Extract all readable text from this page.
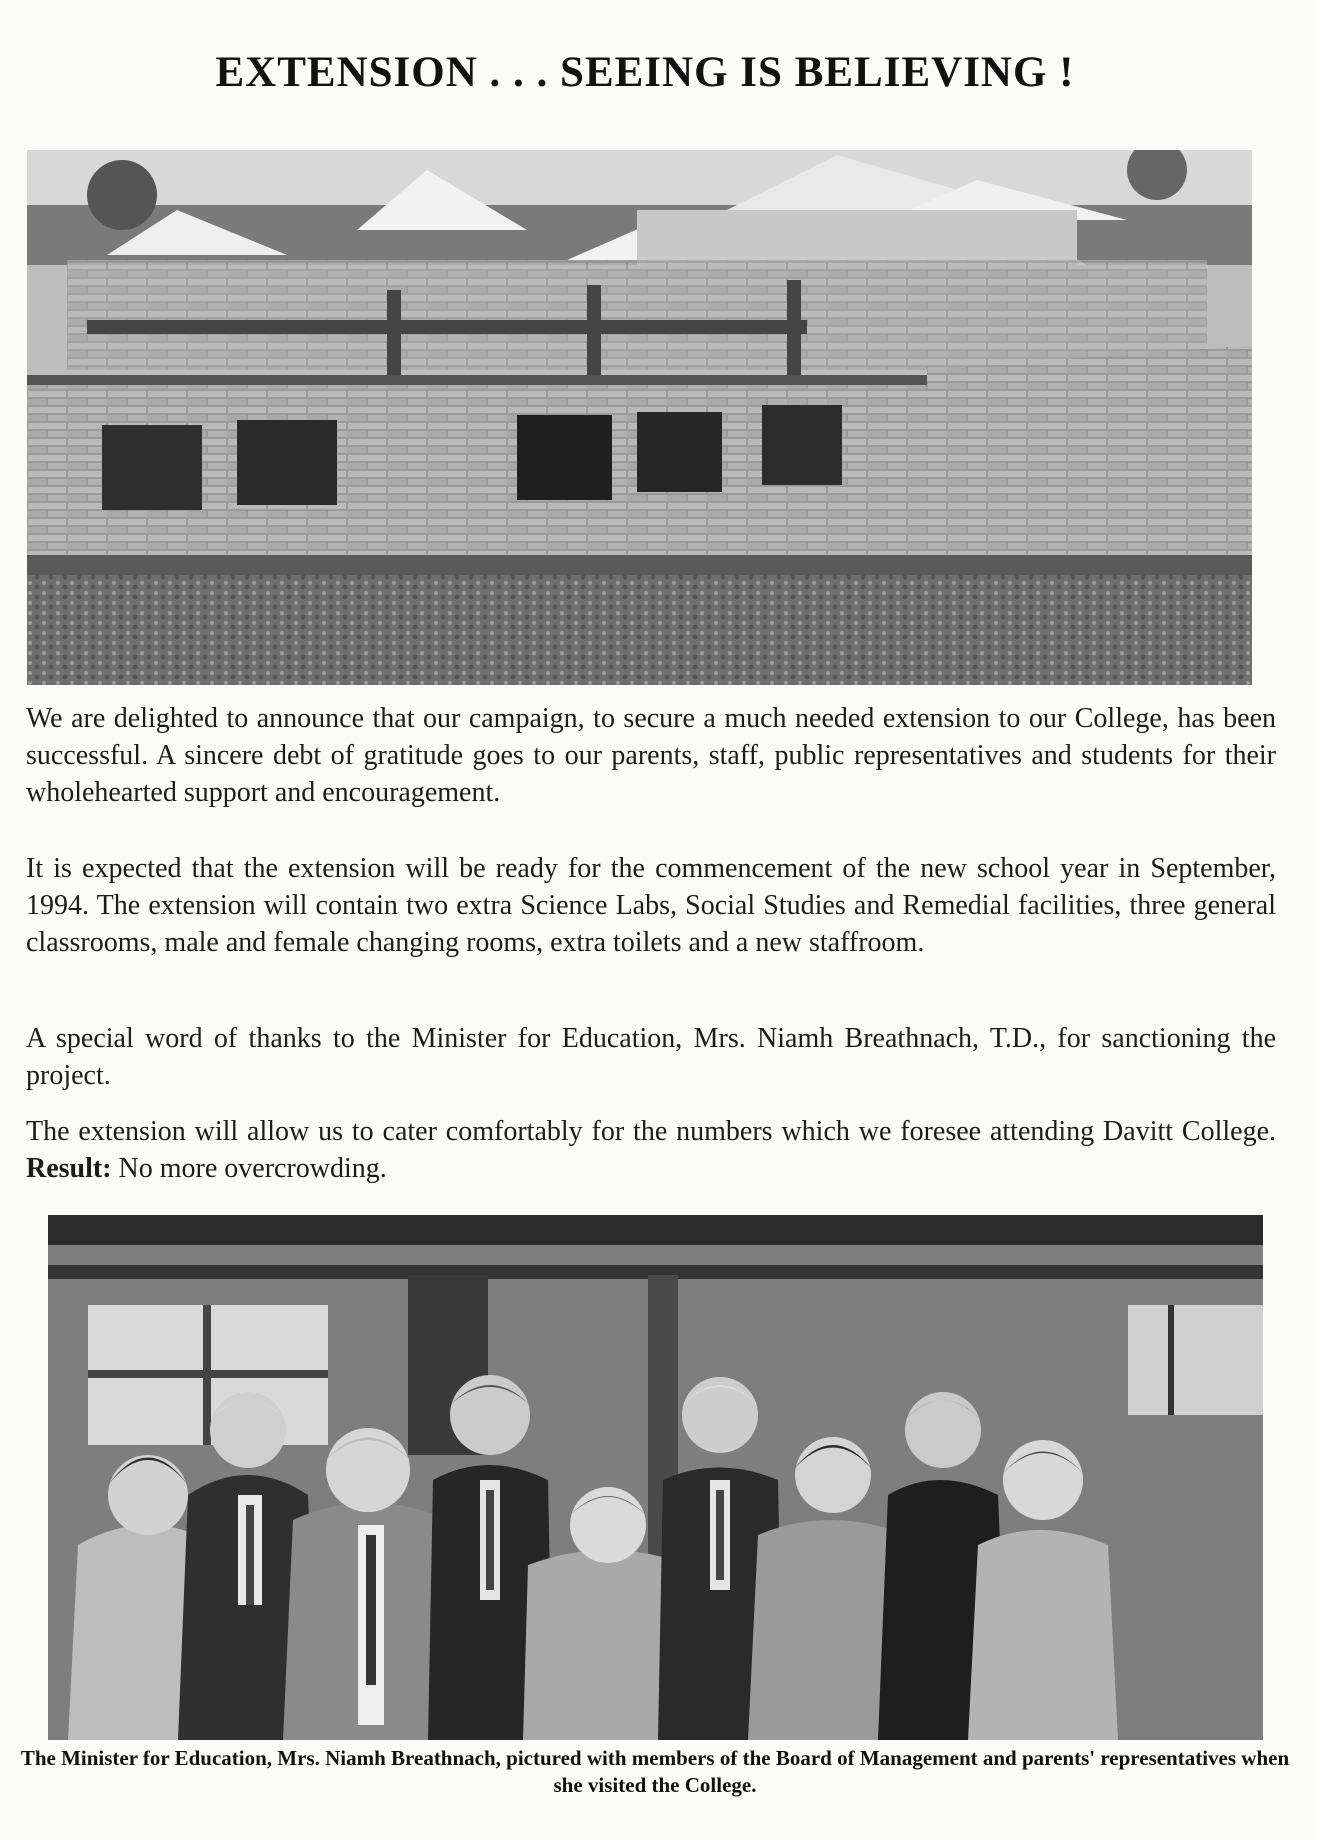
EXTENSION . . . SEEING IS BELIEVING !

We are delighted to announce that our campaign, to secure a much needed extension to our College, has been successful. A sincere debt of gratitude goes to our parents, staff, public representatives and students for their wholehearted support and encouragement.

It is expected that the extension will be ready for the commencement of the new school year in September, 1994. The extension will contain two extra Science Labs, Social Studies and Remedial facilities, three general classrooms, male and female changing rooms, extra toilets and a new staffroom.

A special word of thanks to the Minister for Education, Mrs. Niamh Breathnach, T.D., for sanctioning the project.

The extension will allow us to cater comfortably for the numbers which we foresee attending Davitt College. Result: No more overcrowding.

The Minister for Education, Mrs. Niamh Breathnach, pictured with members of the Board of Management and parents' representatives when she visited the College.
